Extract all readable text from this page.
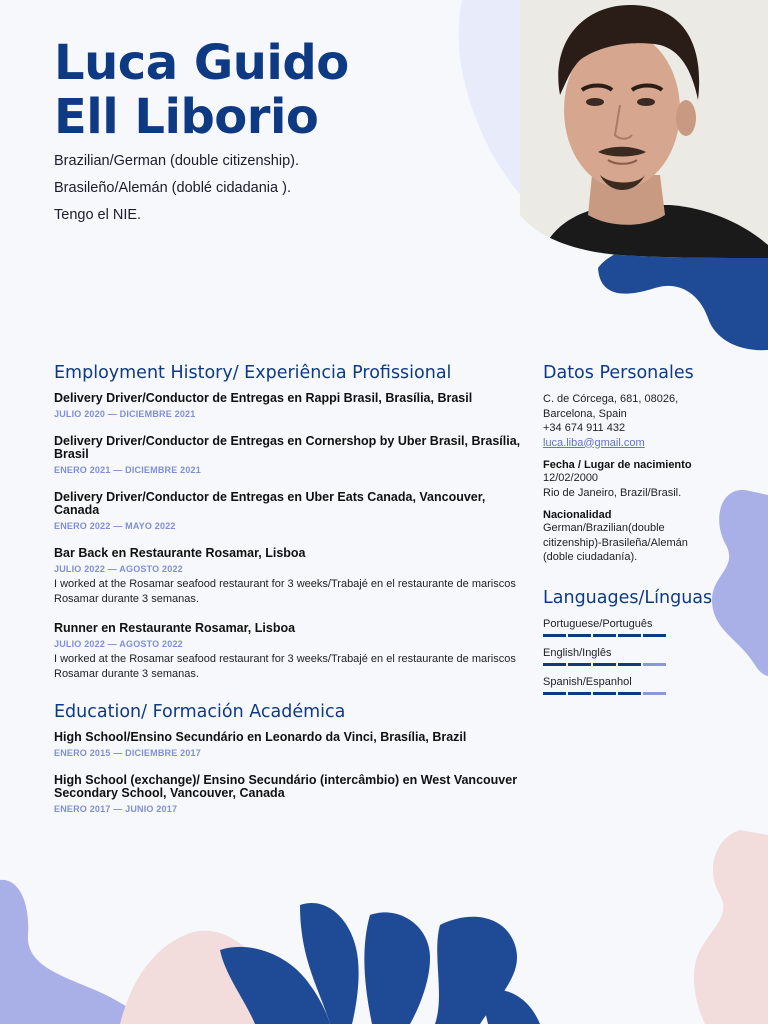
Luca Guido
Ell Liborio
Brazilian/German (double citizenship).
Brasileño/Alemán (doblé cidadania ).
Tengo el NIE.
Employment History/ Experiência Profissional
Delivery Driver/Conductor de Entregas en Rappi Brasil, Brasília, Brasil
JULIO 2020 — DICIEMBRE 2021
Delivery Driver/Conductor de Entregas en Cornershop by Uber Brasil, Brasília, Brasil
ENERO 2021 — DICIEMBRE 2021
Delivery Driver/Conductor de Entregas en Uber Eats Canada, Vancouver, Canada
ENERO 2022 — MAYO 2022
Bar Back en Restaurante Rosamar, Lisboa
JULIO 2022 — AGOSTO 2022
I worked at the Rosamar seafood restaurant for 3 weeks/Trabajé en el restaurante de mariscos Rosamar durante 3 semanas.
Runner en Restaurante Rosamar, Lisboa
JULIO 2022 — AGOSTO 2022
I worked at the Rosamar seafood restaurant for 3 weeks/Trabajé en el restaurante de mariscos Rosamar durante 3 semanas.
Education/ Formación Académica
High School/Ensino Secundário en Leonardo da Vinci, Brasília, Brazil
ENERO 2015 — DICIEMBRE 2017
High School (exchange)/ Ensino Secundário (intercâmbio) en West Vancouver Secondary School, Vancouver, Canada
ENERO 2017 — JUNIO 2017
Datos Personales
C. de Córcega, 681, 08026,
Barcelona, Spain
+34 674 911 432
luca.liba@gmail.com
Fecha / Lugar de nacimiento
12/02/2000
Rio de Janeiro, Brazil/Brasil.
Nacionalidad
German/Brazilian(double citizenship)-Brasileña/Alemán (doble ciudadanía).
Languages/Línguas
Portuguese/Português
English/Inglês
Spanish/Espanhol
